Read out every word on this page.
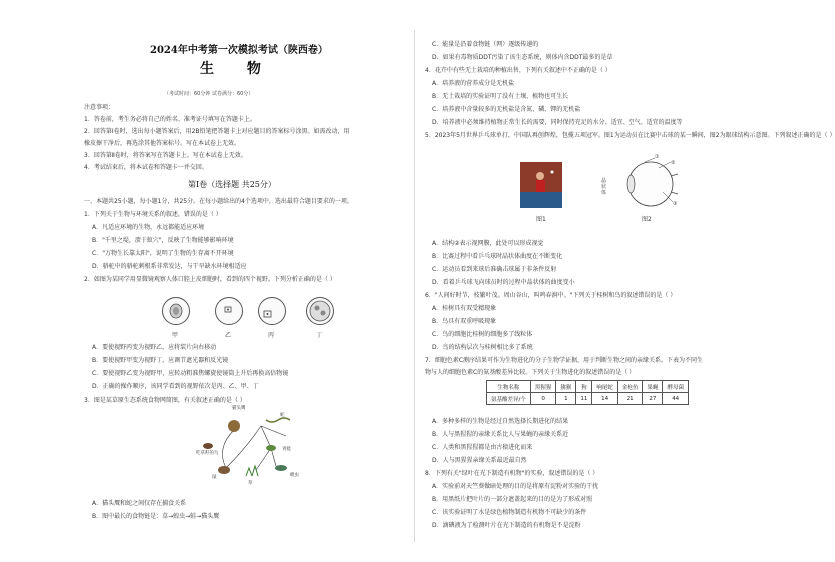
2024年中考第一次模拟考试（陕西卷）
生 物
（考试时间：60分钟 试卷满分：60分）
注意事项：
1．答卷前，考生务必将自己的姓名、准考证号填写在答题卡上。
2．回答第Ⅰ卷时，选出每小题答案后，用2B铅笔把答题卡上对应题目的答案标号涂黑。如需改动，用
橡皮擦干净后，再选涂其他答案标号。写在本试卷上无效。
3．回答第Ⅱ卷时，将答案写在答题卡上。写在本试卷上无效。
4．考试结束后，将本试卷和答题卡一并交回。
第Ⅰ卷（选择题 共25分）
一、本题共25小题，每小题1分，共25分。在每小题给出的4个选项中，选出最符合题目要求的一项。
1．下列关于生物与环境关系的叙述，错误的是（ ）
A．凡适应环境的生物，永远都能适应环境
B．"千里之堤，溃于蚁穴"，反映了生物能够影响环境
C．"万物生长靠太阳"，说明了生物的生存离不开环境
D．骆驼中的骆驼刺根系非常发达，与干旱缺水环境相适应
2．如图为某同学用显微镜观察人体口腔上皮细胞时，看到的四个视野。下列分析正确的是（ ）
甲	乙	丙	丁
A．要使视野丙变为视野乙，应将装片向右移动
B．要使视野甲变为视野丁，应调节遮光器和反光镜
C．要使视野乙变为视野甲，应转动粗准焦螺旋使镜筒上升后再换高倍物镜
D．正确的操作顺序，该同学看到的视野依次是丙、乙、甲、丁
3．图是某草原生态系统食物网简图，有关叙述正确的是（ ）
猫头鹰
鼠
蛇
青蛙
蝗虫
草
吃草籽的鸟
A．猫头鹰和蛇之间仅存在捕食关系
B．图中最长的食物链是：草→蝗虫→蛙→猫头鹰
C．能量是沿着食物链（网）逐级传递的
D．如果有毒物质DDT污染了该生态系统，则体内含DDT最多的是草
4．花卉中有些无土栽培的种植出售，下列有关叙述中不正确的是（ ）
A．培养液的营养成分是无机盐
B．无土栽培的实验证明了没有土壤，植物也可生长
C．培养液中含量较多的无机盐是含氮、磷、钾的无机盐
D．培养液中必须维持植物正常生长的需要，同时保持充足的水分、适宜、空气、适宜的温度等
5．2023年5月世界乒乓球单打，中国队再创辉煌，包揽五项冠军。图1为运动员在比赛中击球的某一瞬间，图2为眼球结构示意图。下列叙述正确的是（ ）
图1
①
②
③
晶状体
图2
A．结构②表示视网膜，此处可以形成视觉
B．比赛过程中看乒乓球时晶状体曲度在不断变化
C．运动员看到来球后准确击球属于非条件反射
D．看着乒乓球飞向球员时的过程中晶状体的曲度变小
6．"人间好时节，枝繁叶茂。周山谷山，叫鸣春涧中。"下列关于桂树和鸟的叙述错误的是（ ）
A．桂树具有双受精现象
B．鸟具有双重呼吸现象
C．鸟的细胞比桂树的细胞多了线粒体
D．鸟的结构层次与桂树相比多了系统
7．细胞色素C测序结果可作为生物进化的分子生物学证据，用于判断生物之间的亲缘关系。下表为不同生
物与人的细胞色素C的氨基酸差异比较。下列关于生物进化的叙述错误的是（ ）
生物名称	黑猩猩	猕猴	狗	响尾蛇	金枪鱼	果蝇	酵母菌
氨基酸差异/个	0	1	11	14	21	27	44
A．多种多样的生物是经过自然选择长期进化的结果
B．人与黑猩猩的亲缘关系比人与果蝇的亲缘关系近
C．人类和黑猩猩都是由古猿进化而来
D．人与黑猩猩亲缘关系最近最自然
8．下列有关"绿叶在光下制造有机物"的实验，叙述错误的是（ ）
A．实验前对天竺葵做暗处理的目的是将原有淀粉对实验的干扰
B．用黑纸片把叶片的一部分遮盖起来的目的是为了形成对照
C．该实验证明了水是绿色植物制造有机物不可缺少的条件
D．滴碘液为了检测叶片在光下制造的有机物是不是淀粉
